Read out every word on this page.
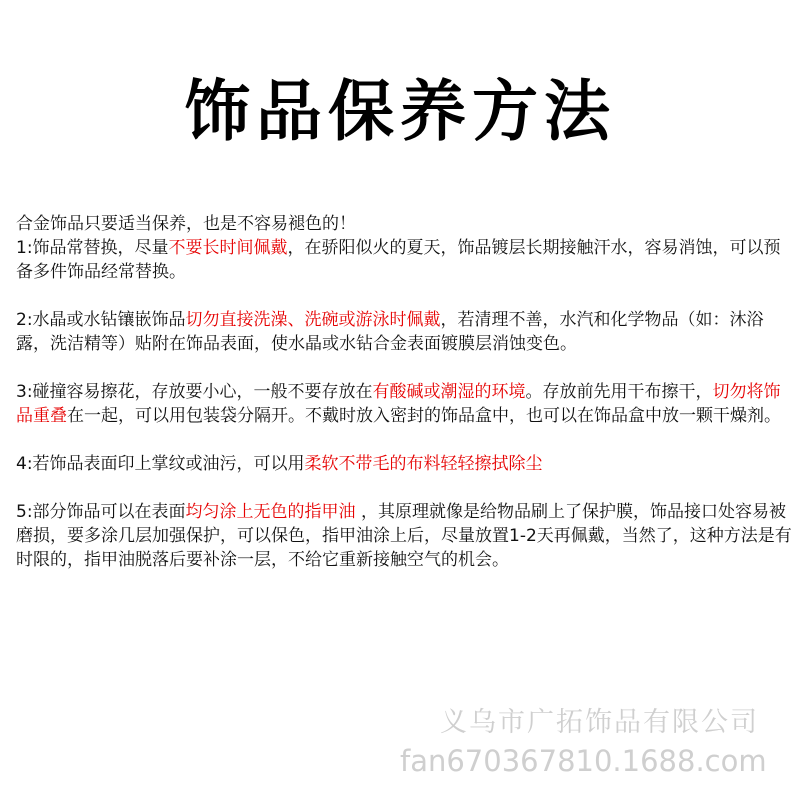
饰品保养方法

合金饰品只要适当保养，也是不容易褪色的！

1:饰品常替换，尽量不要长时间佩戴，在骄阳似火的夏天，饰品镀层长期接触汗水，容易消蚀，可以预备多件饰品经常替换。

2:水晶或水钻镶嵌饰品切勿直接洗澡、洗碗或游泳时佩戴，若清理不善，水汽和化学物品（如：沐浴露，洗洁精等）贴附在饰品表面，使水晶或水钻合金表面镀膜层消蚀变色。

3:碰撞容易擦花，存放要小心，一般不要存放在有酸碱或潮湿的环境。存放前先用干布擦干，切勿将饰品重叠在一起，可以用包装袋分隔开。不戴时放入密封的饰品盒中，也可以在饰品盒中放一颗干燥剂。

4:若饰品表面印上掌纹或油污，可以用柔软不带毛的布料轻轻擦拭除尘

5:部分饰品可以在表面均匀涂上无色的指甲油 ，其原理就像是给物品刷上了保护膜，饰品接口处容易被磨损，要多涂几层加强保护，可以保色，指甲油涂上后，尽量放置1-2天再佩戴，当然了，这种方法是有时限的，指甲油脱落后要补涂一层，不给它重新接触空气的机会。

义乌市广拓饰品有限公司
fan670367810.1688.com
